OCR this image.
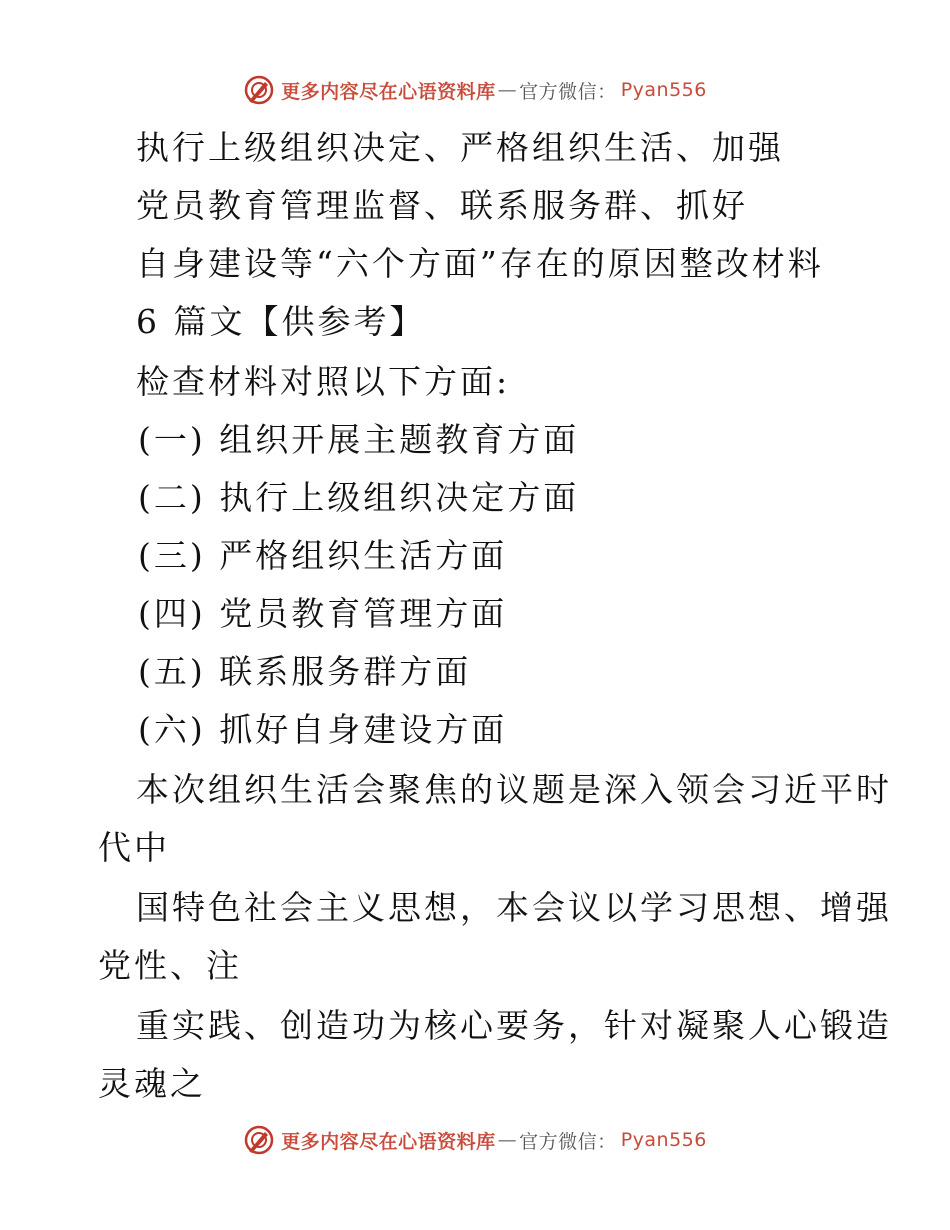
更多内容尽在心语资料库 — 官方微信： Pyan556
执行上级组织决定、严格组织生活、加强
党员教育管理监督、联系服务群、抓好
自身建设等“六个方面”存在的原因整改材料
6 篇文【供参考】
检查材料对照以下方面:
(一) 组织开展主题教育方面
(二) 执行上级组织决定方面
(三) 严格组织生活方面
(四) 党员教育管理方面
(五) 联系服务群方面
(六) 抓好自身建设方面
本次组织生活会聚焦的议题是深入领会习近平时
代中
国特色社会主义思想，本会议以学习思想、增强
党性、注
重实践、创造功为核心要务，针对凝聚人心锻造
灵魂之
更多内容尽在心语资料库 — 官方微信： Pyan556
